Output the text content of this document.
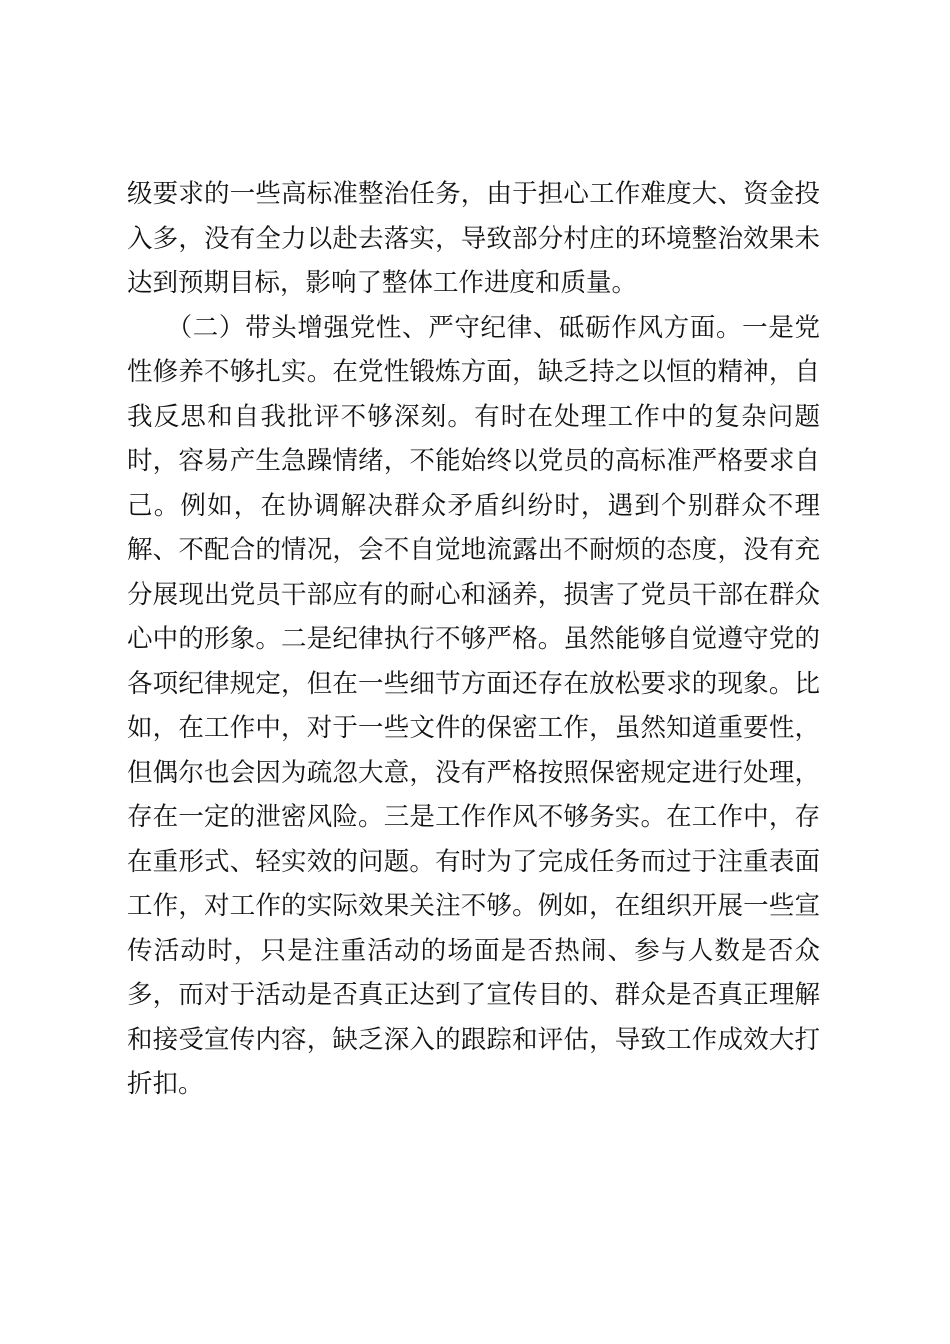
级要求的一些高标准整治任务，由于担心工作难度大、资金投
入多，没有全力以赴去落实，导致部分村庄的环境整治效果未
达到预期目标，影响了整体工作进度和质量。
　　（二）带头增强党性、严守纪律、砥砺作风方面。一是党
性修养不够扎实。在党性锻炼方面，缺乏持之以恒的精神，自
我反思和自我批评不够深刻。有时在处理工作中的复杂问题
时，容易产生急躁情绪，不能始终以党员的高标准严格要求自
己。例如，在协调解决群众矛盾纠纷时，遇到个别群众不理
解、不配合的情况，会不自觉地流露出不耐烦的态度，没有充
分展现出党员干部应有的耐心和涵养，损害了党员干部在群众
心中的形象。二是纪律执行不够严格。虽然能够自觉遵守党的
各项纪律规定，但在一些细节方面还存在放松要求的现象。比
如，在工作中，对于一些文件的保密工作，虽然知道重要性，
但偶尔也会因为疏忽大意，没有严格按照保密规定进行处理，
存在一定的泄密风险。三是工作作风不够务实。在工作中，存
在重形式、轻实效的问题。有时为了完成任务而过于注重表面
工作，对工作的实际效果关注不够。例如，在组织开展一些宣
传活动时，只是注重活动的场面是否热闹、参与人数是否众
多，而对于活动是否真正达到了宣传目的、群众是否真正理解
和接受宣传内容，缺乏深入的跟踪和评估，导致工作成效大打
折扣。
